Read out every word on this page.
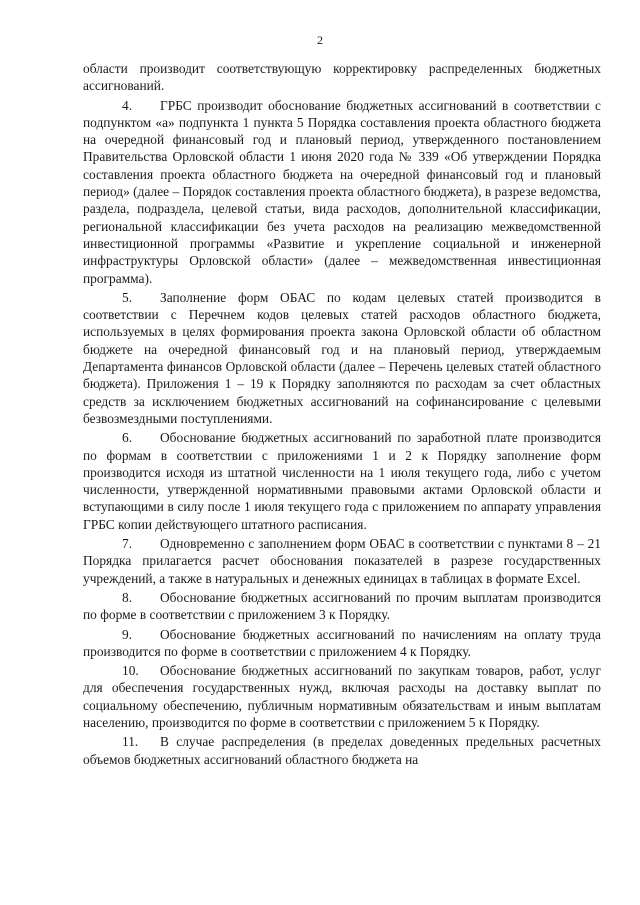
2

области производит соответствующую корректировку распределенных бюджетных ассигнований.

4. ГРБС производит обоснование бюджетных ассигнований в соответствии с подпунктом «а» подпункта 1 пункта 5 Порядка составления проекта областного бюджета на очередной финансовый год и плановый период, утвержденного постановлением Правительства Орловской области 1 июня 2020 года № 339 «Об утверждении Порядка составления проекта областного бюджета на очередной финансовый год и плановый период» (далее – Порядок составления проекта областного бюджета), в разрезе ведомства, раздела, подраздела, целевой статьи, вида расходов, дополнительной классификации, региональной классификации без учета расходов на реализацию межведомственной инвестиционной программы «Развитие и укрепление социальной и инженерной инфраструктуры Орловской области» (далее – межведомственная инвестиционная программа).

5. Заполнение форм ОБАС по кодам целевых статей производится в соответствии с Перечнем кодов целевых статей расходов областного бюджета, используемых в целях формирования проекта закона Орловской области об областном бюджете на очередной финансовый год и на плановый период, утверждаемым Департамента финансов Орловской области (далее – Перечень целевых статей областного бюджета). Приложения 1 – 19 к Порядку заполняются по расходам за счет областных средств за исключением бюджетных ассигнований на софинансирование с целевыми безвозмездными поступлениями.

6. Обоснование бюджетных ассигнований по заработной плате производится по формам в соответствии с приложениями 1 и 2 к Порядку заполнение форм производится исходя из штатной численности на 1 июля текущего года, либо с учетом численности, утвержденной нормативными правовыми актами Орловской области и вступающими в силу после 1 июля текущего года с приложением по аппарату управления ГРБС копии действующего штатного расписания.

7. Одновременно с заполнением форм ОБАС в соответствии с пунктами 8 – 21 Порядка прилагается расчет обоснования показателей в разрезе государственных учреждений, а также в натуральных и денежных единицах в таблицах в формате Excel.

8. Обоснование бюджетных ассигнований по прочим выплатам производится по форме в соответствии с приложением 3 к Порядку.

9. Обоснование бюджетных ассигнований по начислениям на оплату труда производится по форме в соответствии с приложением 4 к Порядку.

10. Обоснование бюджетных ассигнований по закупкам товаров, работ, услуг для обеспечения государственных нужд, включая расходы на доставку выплат по социальному обеспечению, публичным нормативным обязательствам и иным выплатам населению, производится по форме в соответствии с приложением 5 к Порядку.

11. В случае распределения (в пределах доведенных предельных расчетных объемов бюджетных ассигнований областного бюджета на
